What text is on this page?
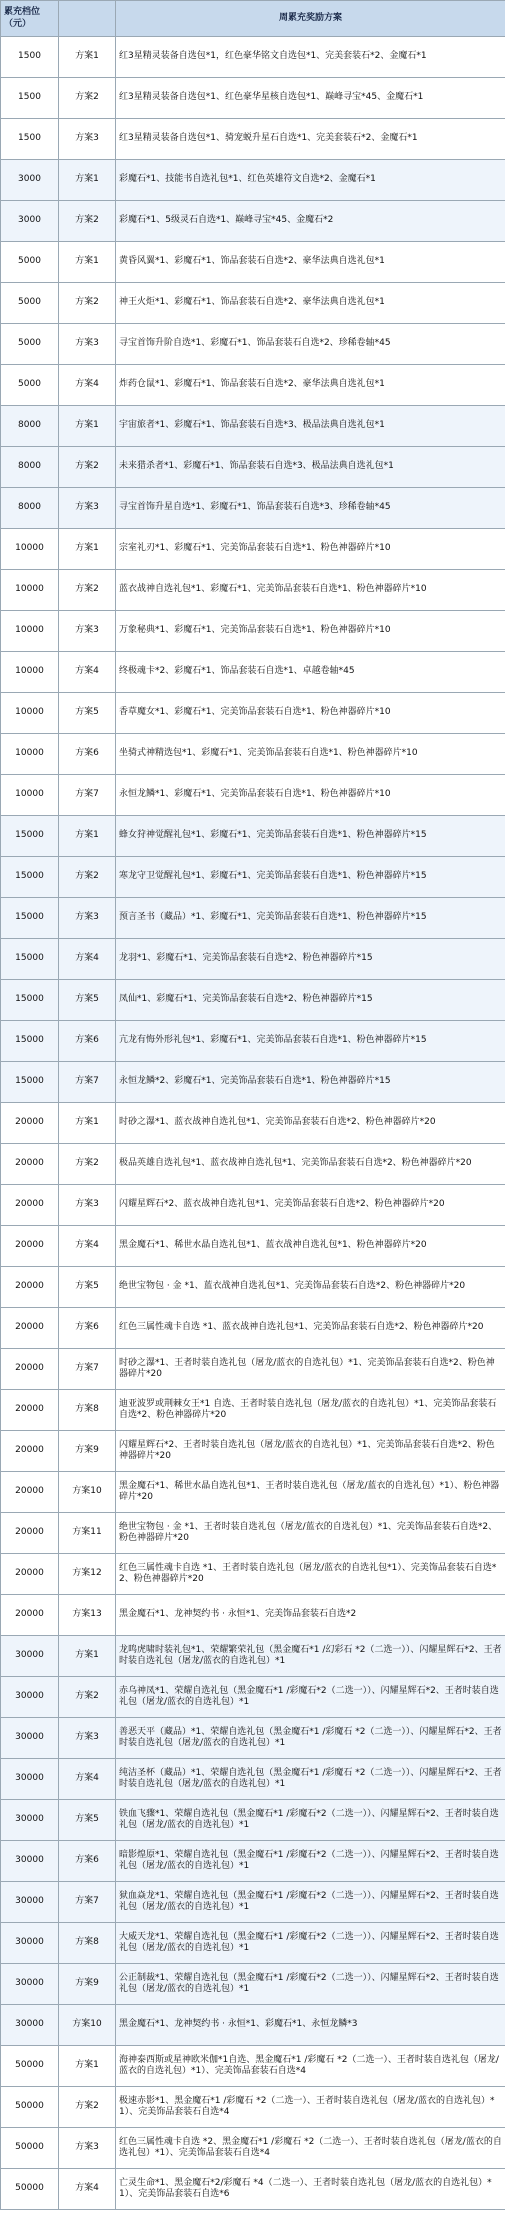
累充档位（元）		周累充奖励方案
1500	方案1	红3星精灵装备自选包*1，红色豪华铭文自选包*1、完美套装石*2、金魔石*1
1500	方案2	红3星精灵装备自选包*1、红色豪华星核自选包*1、巅峰寻宝*45、金魔石*1
1500	方案3	红3星精灵装备自选包*1、骑宠蜕升星石自选*1、完美套装石*2、金魔石*1
3000	方案1	彩魔石*1、技能书自选礼包*1、红色英雄符文自选*2、金魔石*1
3000	方案2	彩魔石*1、5级灵石自选*1、巅峰寻宝*45、金魔石*2
5000	方案1	黄昏风翼*1、彩魔石*1、饰品套装石自选*2、豪华法典自选礼包*1
5000	方案2	神王火炬*1、彩魔石*1、饰品套装石自选*2、豪华法典自选礼包*1
5000	方案3	寻宝首饰升阶自选*1、彩魔石*1、饰品套装石自选*2、珍稀卷轴*45
5000	方案4	炸药仓鼠*1、彩魔石*1、饰品套装石自选*2、豪华法典自选礼包*1
8000	方案1	宇宙旅者*1、彩魔石*1、饰品套装石自选*3、极品法典自选礼包*1
8000	方案2	未来猎杀者*1、彩魔石*1、饰品套装石自选*3、极品法典自选礼包*1
8000	方案3	寻宝首饰升星自选*1、彩魔石*1、饰品套装石自选*3、珍稀卷轴*45
10000	方案1	宗室礼刃*1、彩魔石*1、完美饰品套装石自选*1、粉色神器碎片*10
10000	方案2	蓝衣战神自选礼包*1、彩魔石*1、完美饰品套装石自选*1、粉色神器碎片*10
10000	方案3	万象秘典*1、彩魔石*1、完美饰品套装石自选*1、粉色神器碎片*10
10000	方案4	终极魂卡*2、彩魔石*1、饰品套装石自选*1、卓越卷轴*45
10000	方案5	香草魔女*1、彩魔石*1、完美饰品套装石自选*1、粉色神器碎片*10
10000	方案6	坐骑式神精选包*1、彩魔石*1、完美饰品套装石自选*1、粉色神器碎片*10
10000	方案7	永恒龙鳞*1、彩魔石*1、完美饰品套装石自选*1、粉色神器碎片*10
15000	方案1	蜂女狩神觉醒礼包*1、彩魔石*1、完美饰品套装石自选*1、粉色神器碎片*15
15000	方案2	寒龙守卫觉醒礼包*1、彩魔石*1、完美饰品套装石自选*1、粉色神器碎片*15
15000	方案3	预言圣书（藏品）*1、彩魔石*1、完美饰品套装石自选*1、粉色神器碎片*15
15000	方案4	龙羽*1、彩魔石*1、完美饰品套装石自选*2、粉色神器碎片*15
15000	方案5	凤仙*1、彩魔石*1、完美饰品套装石自选*2、粉色神器碎片*15
15000	方案6	亢龙有悔外形礼包*1、彩魔石*1、完美饰品套装石自选*1、粉色神器碎片*15
15000	方案7	永恒龙鳞*2、彩魔石*1、完美饰品套装石自选*1、粉色神器碎片*15
20000	方案1	时砂之瀑*1、蓝衣战神自选礼包*1、完美饰品套装石自选*2、粉色神器碎片*20
20000	方案2	极品英雄自选礼包*1、蓝衣战神自选礼包*1、完美饰品套装石自选*2、粉色神器碎片*20
20000	方案3	闪耀星辉石*2、蓝衣战神自选礼包*1、完美饰品套装石自选*2、粉色神器碎片*20
20000	方案4	黑金魔石*1、稀世水晶自选礼包*1、蓝衣战神自选礼包*1、粉色神器碎片*20
20000	方案5	绝世宝物包 · 金 *1、蓝衣战神自选礼包*1、完美饰品套装石自选*2、粉色神器碎片*20
20000	方案6	红色三属性魂卡自选 *1、蓝衣战神自选礼包*1、完美饰品套装石自选*2、粉色神器碎片*20
20000	方案7	时砂之瀑*1、王者时装自选礼包（屠龙/蓝衣的自选礼包）*1、完美饰品套装石自选*2、粉色神器碎片*20
20000	方案8	迪亚波罗或荆棘女王*1 自选、王者时装自选礼包（屠龙/蓝衣的自选礼包）*1、完美饰品套装石自选*2、粉色神器碎片*20
20000	方案9	闪耀星辉石*2、王者时装自选礼包（屠龙/蓝衣的自选礼包）*1、完美饰品套装石自选*2、粉色神器碎片*20
20000	方案10	黑金魔石*1、稀世水晶自选礼包*1、王者时装自选礼包（屠龙/蓝衣的自选礼包）*1）、粉色神器碎片*20
20000	方案11	绝世宝物包 · 金 *1、王者时装自选礼包（屠龙/蓝衣的自选礼包）*1、完美饰品套装石自选*2、粉色神器碎片*20
20000	方案12	红色三属性魂卡自选 *1、王者时装自选礼包（屠龙/蓝衣的自选礼包*1）、完美饰品套装石自选*2、粉色神器碎片*20
20000	方案13	黑金魔石*1、龙神契约书 · 永恒*1、完美饰品套装石自选*2
30000	方案1	龙鸣虎啸时装礼包*1、荣耀繁荣礼包（黑金魔石*1 /幻彩石 *2（二选一））、闪耀星辉石*2、王者时装自选礼包（屠龙/蓝衣的自选礼包）*1
30000	方案2	赤乌神凤*1、荣耀自选礼包（黑金魔石*1 /彩魔石*2（二选一））、闪耀星辉石*2、王者时装自选礼包（屠龙/蓝衣的自选礼包）*1
30000	方案3	善恶天平（藏品）*1、荣耀自选礼包（黑金魔石*1 /彩魔石 *2（二选一））、闪耀星辉石*2、王者时装自选礼包（屠龙/蓝衣的自选礼包）*1
30000	方案4	纯洁圣杯（藏品）*1、荣耀自选礼包（黑金魔石*1 /彩魔石 *2（二选一））、闪耀星辉石*2、王者时装自选礼包（屠龙/蓝衣的自选礼包）*1
30000	方案5	铁血飞骤*1、荣耀自选礼包（黑金魔石*1 /彩魔石*2（二选一））、闪耀星辉石*2、王者时装自选礼包（屠龙/蓝衣的自选礼包）*1
30000	方案6	暗影煌原*1、荣耀自选礼包（黑金魔石*1 /彩魔石*2（二选一））、闪耀星辉石*2、王者时装自选礼包（屠龙/蓝衣的自选礼包）*1
30000	方案7	狱血焱龙*1、荣耀自选礼包（黑金魔石*1 /彩魔石*2（二选一））、闪耀星辉石*2、王者时装自选礼包（屠龙/蓝衣的自选礼包）*1
30000	方案8	大威天龙*1、荣耀自选礼包（黑金魔石*1 /彩魔石*2（二选一））、闪耀星辉石*2、王者时装自选礼包（屠龙/蓝衣的自选礼包）*1
30000	方案9	公正制裁*1、荣耀自选礼包（黑金魔石*1 /彩魔石*2（二选一））、闪耀星辉石*2、王者时装自选礼包（屠龙/蓝衣的自选礼包）*1
30000	方案10	黑金魔石*1、龙神契约书 · 永恒*1、彩魔石*1、永恒龙鳞*3
50000	方案1	海神泰西斯或星神欧米伽*1自选、黑金魔石*1 /彩魔石 *2（二选一）、王者时装自选礼包（屠龙/蓝衣的自选礼包）*1）、完美饰品套装石自选*4
50000	方案2	极速赤影*1、黑金魔石*1 /彩魔石 *2（二选一）、王者时装自选礼包（屠龙/蓝衣的自选礼包）*1）、完美饰品套装石自选*4
50000	方案3	红色三属性魂卡自选 *2、黑金魔石*1 /彩魔石 *2（二选一）、王者时装自选礼包（屠龙/蓝衣的自选礼包）*1）、完美饰品套装石自选*4
50000	方案4	亡灵生命*1、黑金魔石*2/彩魔石 *4（二选一）、王者时装自选礼包（屠龙/蓝衣的自选礼包）*1）、完美饰品套装石自选*6
